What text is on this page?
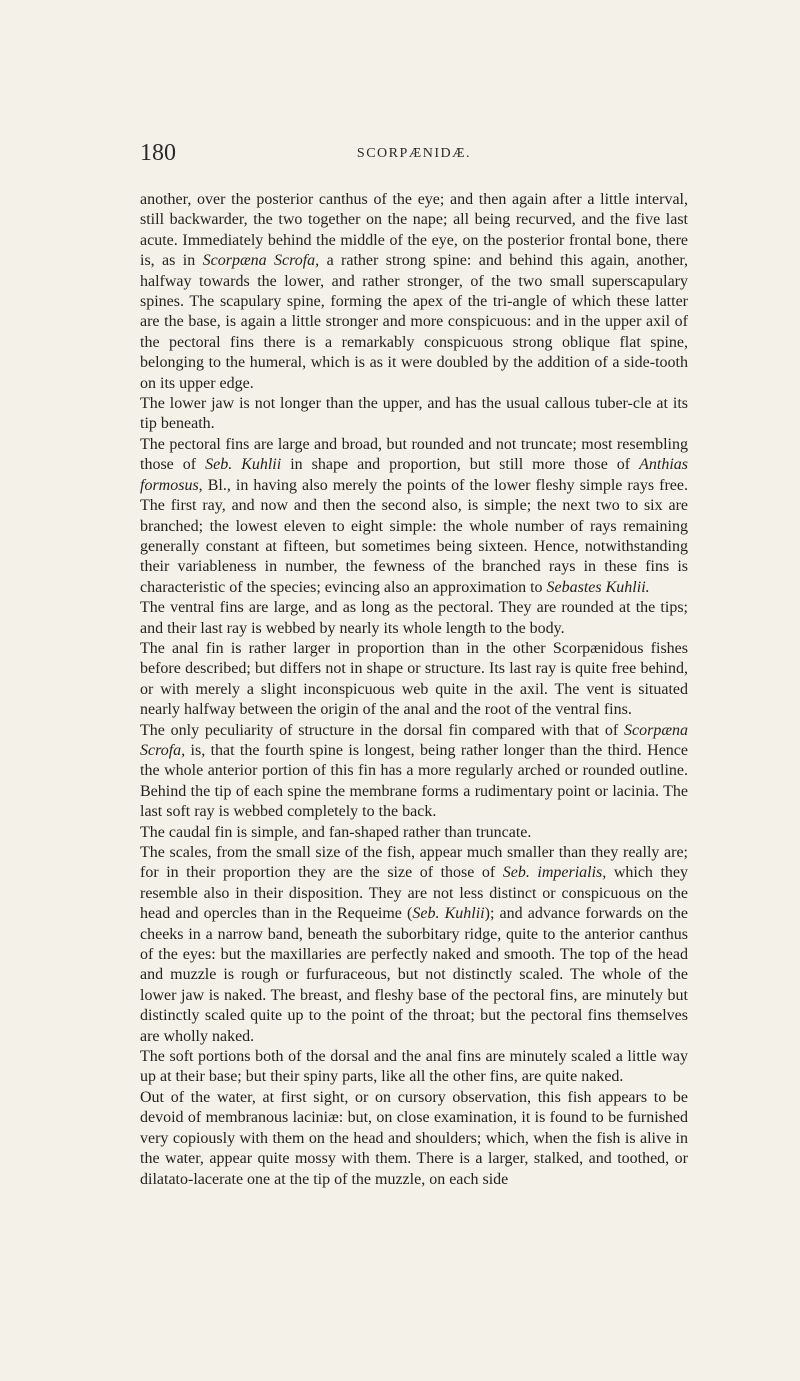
180	SCORPÆNIDÆ.

another, over the posterior canthus of the eye; and then again after a little interval, still backwarder, the two together on the nape; all being recurved, and the five last acute. Immediately behind the middle of the eye, on the posterior frontal bone, there is, as in Scorpæna Scrofa, a rather strong spine: and behind this again, another, halfway towards the lower, and rather stronger, of the two small superscapulary spines. The scapulary spine, forming the apex of the tri-angle of which these latter are the base, is again a little stronger and more conspicuous: and in the upper axil of the pectoral fins there is a remarkably conspicuous strong oblique flat spine, belonging to the humeral, which is as it were doubled by the addition of a side-tooth on its upper edge.

The lower jaw is not longer than the upper, and has the usual callous tuber-cle at its tip beneath.

The pectoral fins are large and broad, but rounded and not truncate; most resembling those of Seb. Kuhlii in shape and proportion, but still more those of Anthias formosus, Bl., in having also merely the points of the lower fleshy simple rays free. The first ray, and now and then the second also, is simple; the next two to six are branched; the lowest eleven to eight simple: the whole number of rays remaining generally constant at fifteen, but sometimes being sixteen. Hence, notwithstanding their variableness in number, the fewness of the branched rays in these fins is characteristic of the species; evincing also an approximation to Sebastes Kuhlii.

The ventral fins are large, and as long as the pectoral. They are rounded at the tips; and their last ray is webbed by nearly its whole length to the body.

The anal fin is rather larger in proportion than in the other Scorpænidous fishes before described; but differs not in shape or structure. Its last ray is quite free behind, or with merely a slight inconspicuous web quite in the axil. The vent is situated nearly halfway between the origin of the anal and the root of the ventral fins.

The only peculiarity of structure in the dorsal fin compared with that of Scorpæna Scrofa, is, that the fourth spine is longest, being rather longer than the third. Hence the whole anterior portion of this fin has a more regularly arched or rounded outline. Behind the tip of each spine the membrane forms a rudimentary point or lacinia. The last soft ray is webbed completely to the back.

The caudal fin is simple, and fan-shaped rather than truncate.

The scales, from the small size of the fish, appear much smaller than they really are; for in their proportion they are the size of those of Seb. imperialis, which they resemble also in their disposition. They are not less distinct or conspicuous on the head and opercles than in the Requeime (Seb. Kuhlii); and advance forwards on the cheeks in a narrow band, beneath the suborbitary ridge, quite to the anterior canthus of the eyes: but the maxillaries are perfectly naked and smooth. The top of the head and muzzle is rough or furfuraceous, but not distinctly scaled. The whole of the lower jaw is naked. The breast, and fleshy base of the pectoral fins, are minutely but distinctly scaled quite up to the point of the throat; but the pectoral fins themselves are wholly naked.

The soft portions both of the dorsal and the anal fins are minutely scaled a little way up at their base; but their spiny parts, like all the other fins, are quite naked.

Out of the water, at first sight, or on cursory observation, this fish appears to be devoid of membranous laciniæ: but, on close examination, it is found to be furnished very copiously with them on the head and shoulders; which, when the fish is alive in the water, appear quite mossy with them. There is a larger, stalked, and toothed, or dilatato-lacerate one at the tip of the muzzle, on each side
